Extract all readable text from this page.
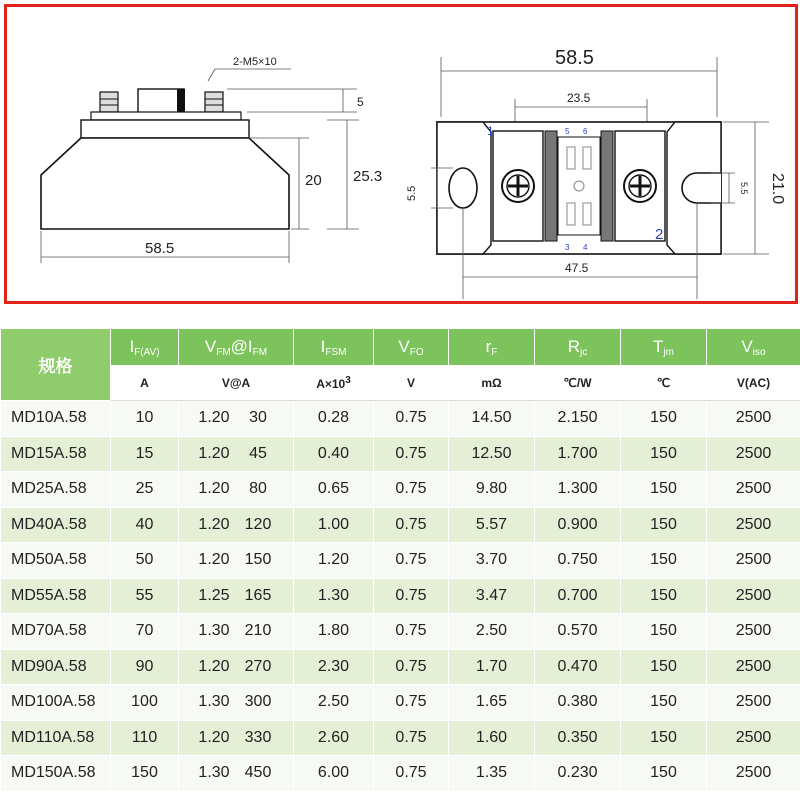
2-M5×10
5
20 25.3
58.5
58.5
23.5
1
2
5 6
3 4
5.5	5.5 21.0
47.5
规格	$I_{F(AV)}$	$V_{FM}@I_{FM}$	$I_{FSM}$	$V_{FO}$	$r_F$	$R_{jc}$	$T_{jm}$	$V_{iso}$
	A	V@A	$A\times 10^3$	V	mΩ	℃/W	℃	V(AC)
MD10A.58	10	1.20 30	0.28	0.75	14.50	2.150	150	2500
MD15A.58	15	1.20 45	0.40	0.75	12.50	1.700	150	2500
MD25A.58	25	1.20 80	0.65	0.75	9.80	1.300	150	2500
MD40A.58	40	1.20 120	1.00	0.75	5.57	0.900	150	2500
MD50A.58	50	1.20 150	1.20	0.75	3.70	0.750	150	2500
MD55A.58	55	1.25 165	1.30	0.75	3.47	0.700	150	2500
MD70A.58	70	1.30 210	1.80	0.75	2.50	0.570	150	2500
MD90A.58	90	1.20 270	2.30	0.75	1.70	0.470	150	2500
MD100A.58	100	1.30 300	2.50	0.75	1.65	0.380	150	2500
MD110A.58	110	1.20 330	2.60	0.75	1.60	0.350	150	2500
MD150A.58	150	1.30 450	6.00	0.75	1.35	0.230	150	2500
